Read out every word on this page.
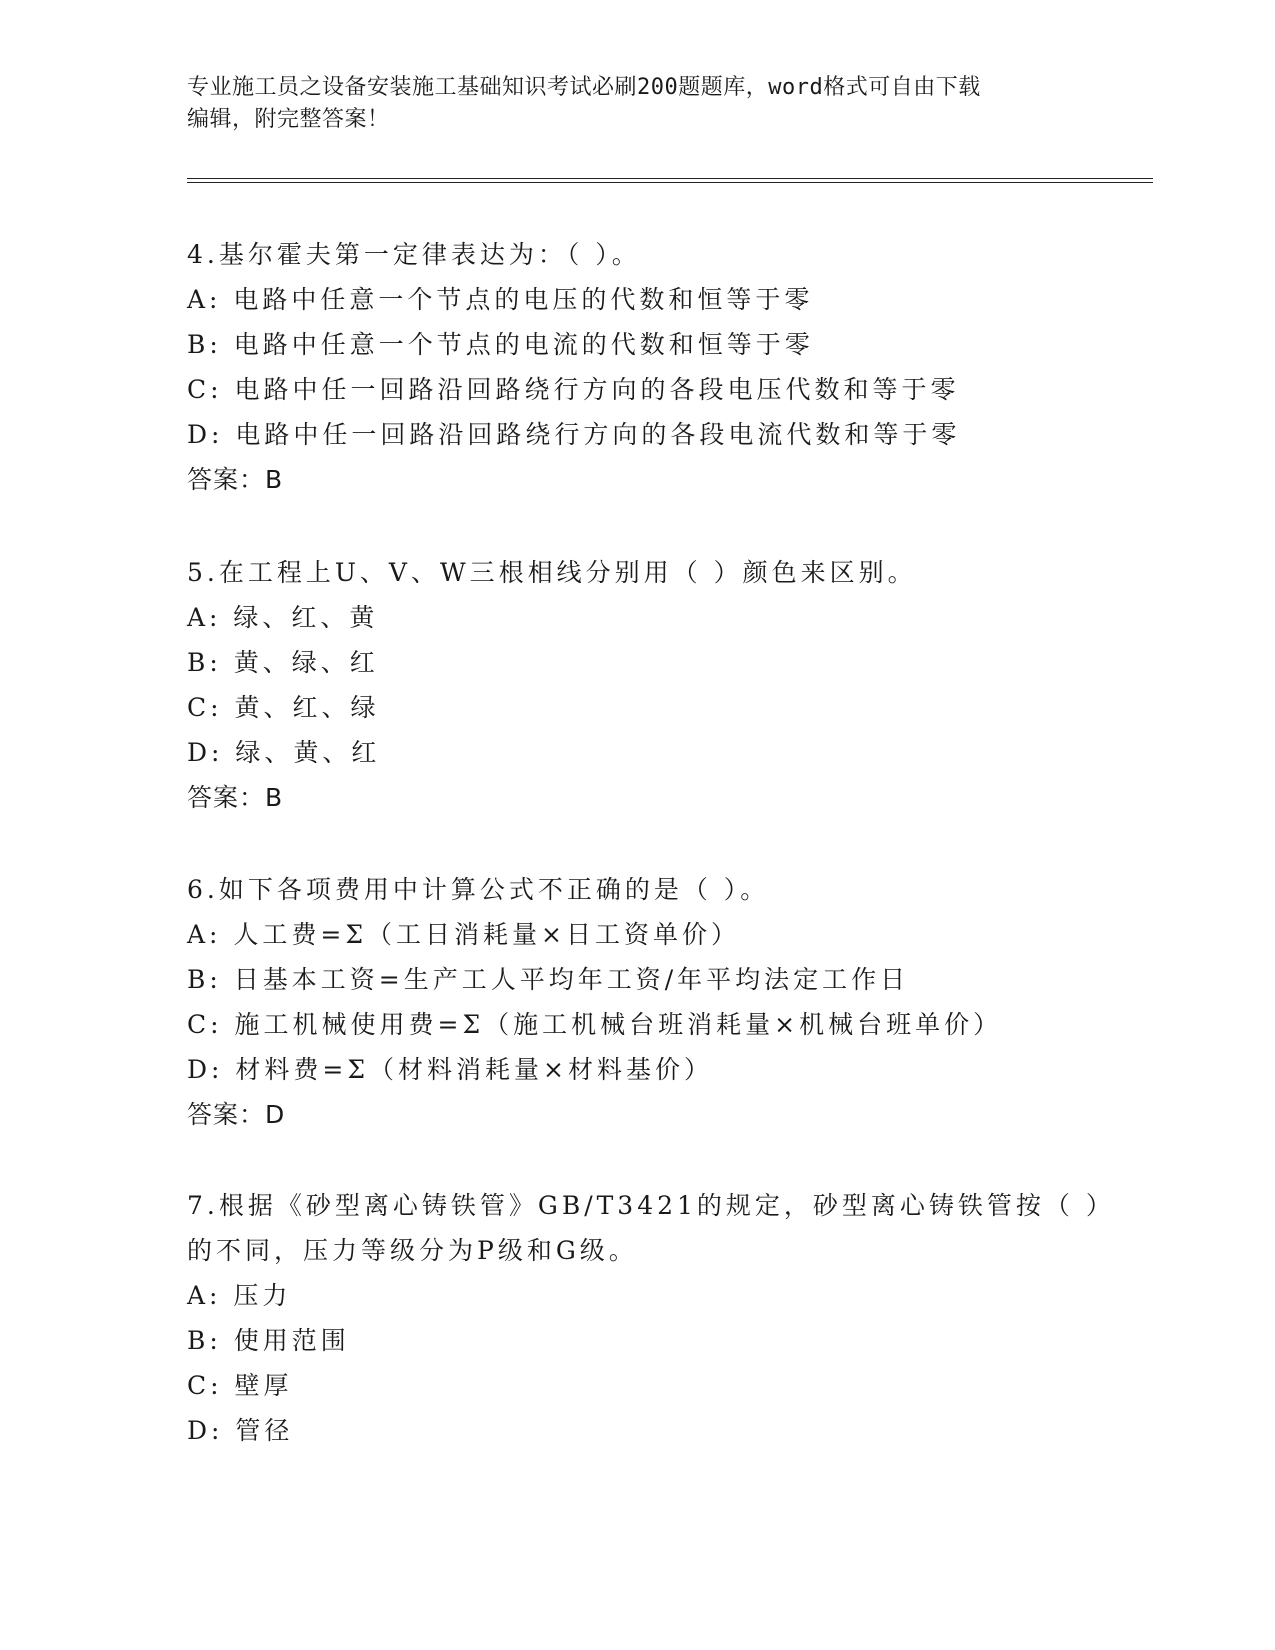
专业施工员之设备安装施工基础知识考试必刷200题题库，word格式可自由下载
编辑，附完整答案！
4.基尔霍夫第一定律表达为：（ ）。
A: 电路中任意一个节点的电压的代数和恒等于零
B: 电路中任意一个节点的电流的代数和恒等于零
C: 电路中任一回路沿回路绕行方向的各段电压代数和等于零
D: 电路中任一回路沿回路绕行方向的各段电流代数和等于零
答案：B
5.在工程上U、V、W三根相线分别用（ ）颜色来区别。
A: 绿、红、黄
B: 黄、绿、红
C: 黄、红、绿
D: 绿、黄、红
答案：B
6.如下各项费用中计算公式不正确的是（ ）。
A: 人工费=Σ（工日消耗量×日工资单价）
B: 日基本工资=生产工人平均年工资/年平均法定工作日
C: 施工机械使用费=Σ（施工机械台班消耗量×机械台班单价）
D: 材料费=Σ（材料消耗量×材料基价）
答案：D
7.根据《砂型离心铸铁管》GB/T3421的规定，砂型离心铸铁管按（ ）
的不同，压力等级分为P级和G级。
A: 压力
B: 使用范围
C: 壁厚
D: 管径
